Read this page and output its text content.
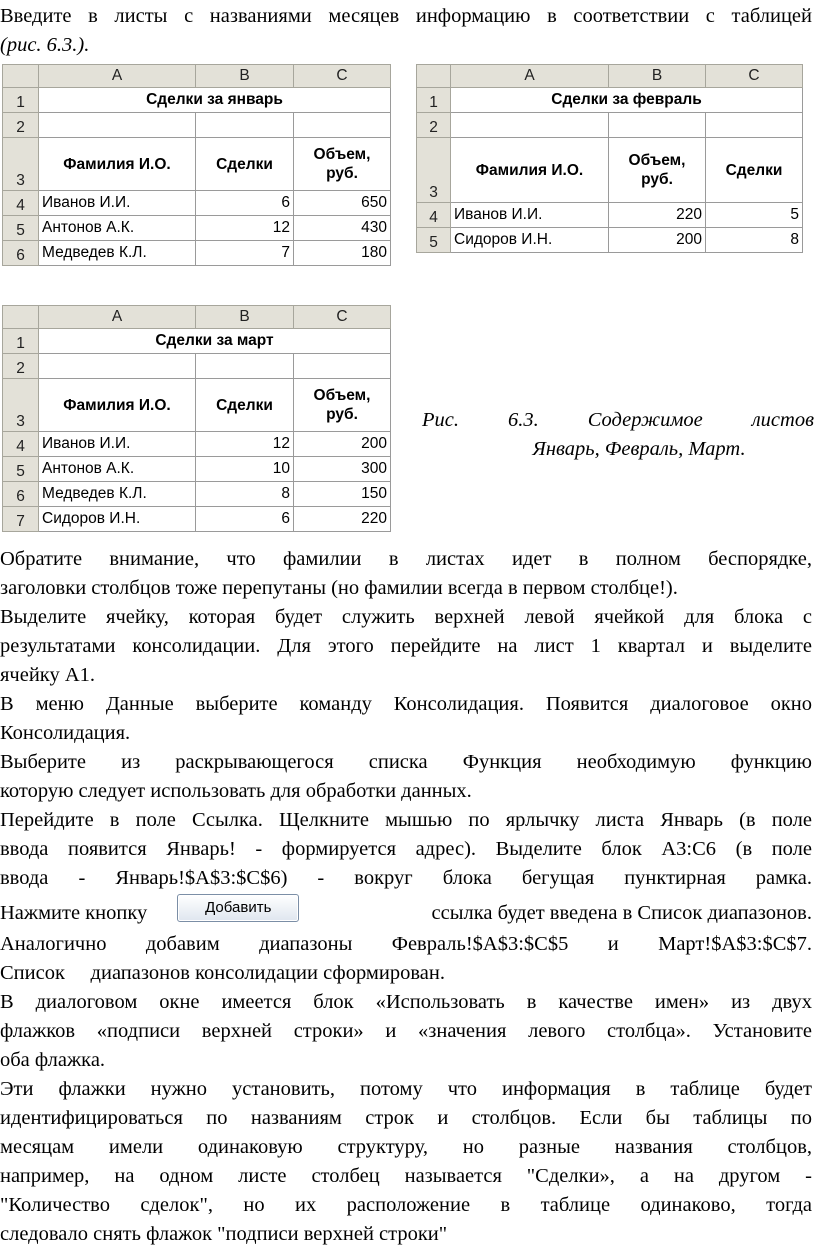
Введите в листы с названиями месяцев информацию в соответствии с таблицей
(рис. 6.3.).
	A	B	C
1	Сделки за январь		
2			
3	Фамилия И.О.	Сделки	Объем, руб.
4	Иванов И.И.	6	650
5	Антонов А.К.	12	430
6	Медведев К.Л.	7	180
	A	B	C
1	Сделки за февраль		
2			
3	Фамилия И.О.	Объем, руб.	Сделки
4	Иванов И.И.	220	5
5	Сидоров И.Н.	200	8
	A	B	C
1	Сделки за март		
2			
3	Фамилия И.О.	Сделки	Объем, руб.
4	Иванов И.И.	12	200
5	Антонов А.К.	10	300
6	Медведев К.Л.	8	150
7	Сидоров И.Н.	6	220
Рис. 6.3. Содержимое листов
Январь, Февраль, Март.
Обратите внимание, что фамилии в листах идет в полном беспорядке,
заголовки столбцов тоже перепутаны (но фамилии всегда в первом столбце!).
Выделите ячейку, которая будет служить верхней левой ячейкой для блока с
результатами консолидации. Для этого перейдите на лист 1 квартал и выделите
ячейку А1.
В меню Данные выберите команду Консолидация. Появится диалоговое окно
Консолидация.
Выберите из раскрывающегося списка Функция необходимую функцию
которую следует использовать для обработки данных.
Перейдите в поле Ссылка. Щелкните мышью по ярлычку листа Январь (в поле
ввода появится Январь! - формируется адрес). Выделите блок А3:С6 (в поле
ввода - Январь!$A$3:$C$6) - вокруг блока бегущая пунктирная рамка.
Нажмите кнопку	Добавить	ссылка будет введена в Список диапазонов.
Аналогично добавим диапазоны Февраль!$A$3:$C$5 и Март!$A$3:$C$7.
Список     диапазонов консолидации сформирован.
В диалоговом окне имеется блок «Использовать в качестве имен» из двух
флажков «подписи верхней строки» и «значения левого столбца». Установите
оба флажка.
Эти флажки нужно установить, потому что информация в таблице будет
идентифицироваться по названиям строк и столбцов. Если бы таблицы по
месяцам имели одинаковую структуру, но разные названия столбцов,
например, на одном листе столбец называется "Сделки», а на другом -
"Количество сделок", но их расположение в таблице одинаково, тогда
следовало снять флажок "подписи верхней строки"
